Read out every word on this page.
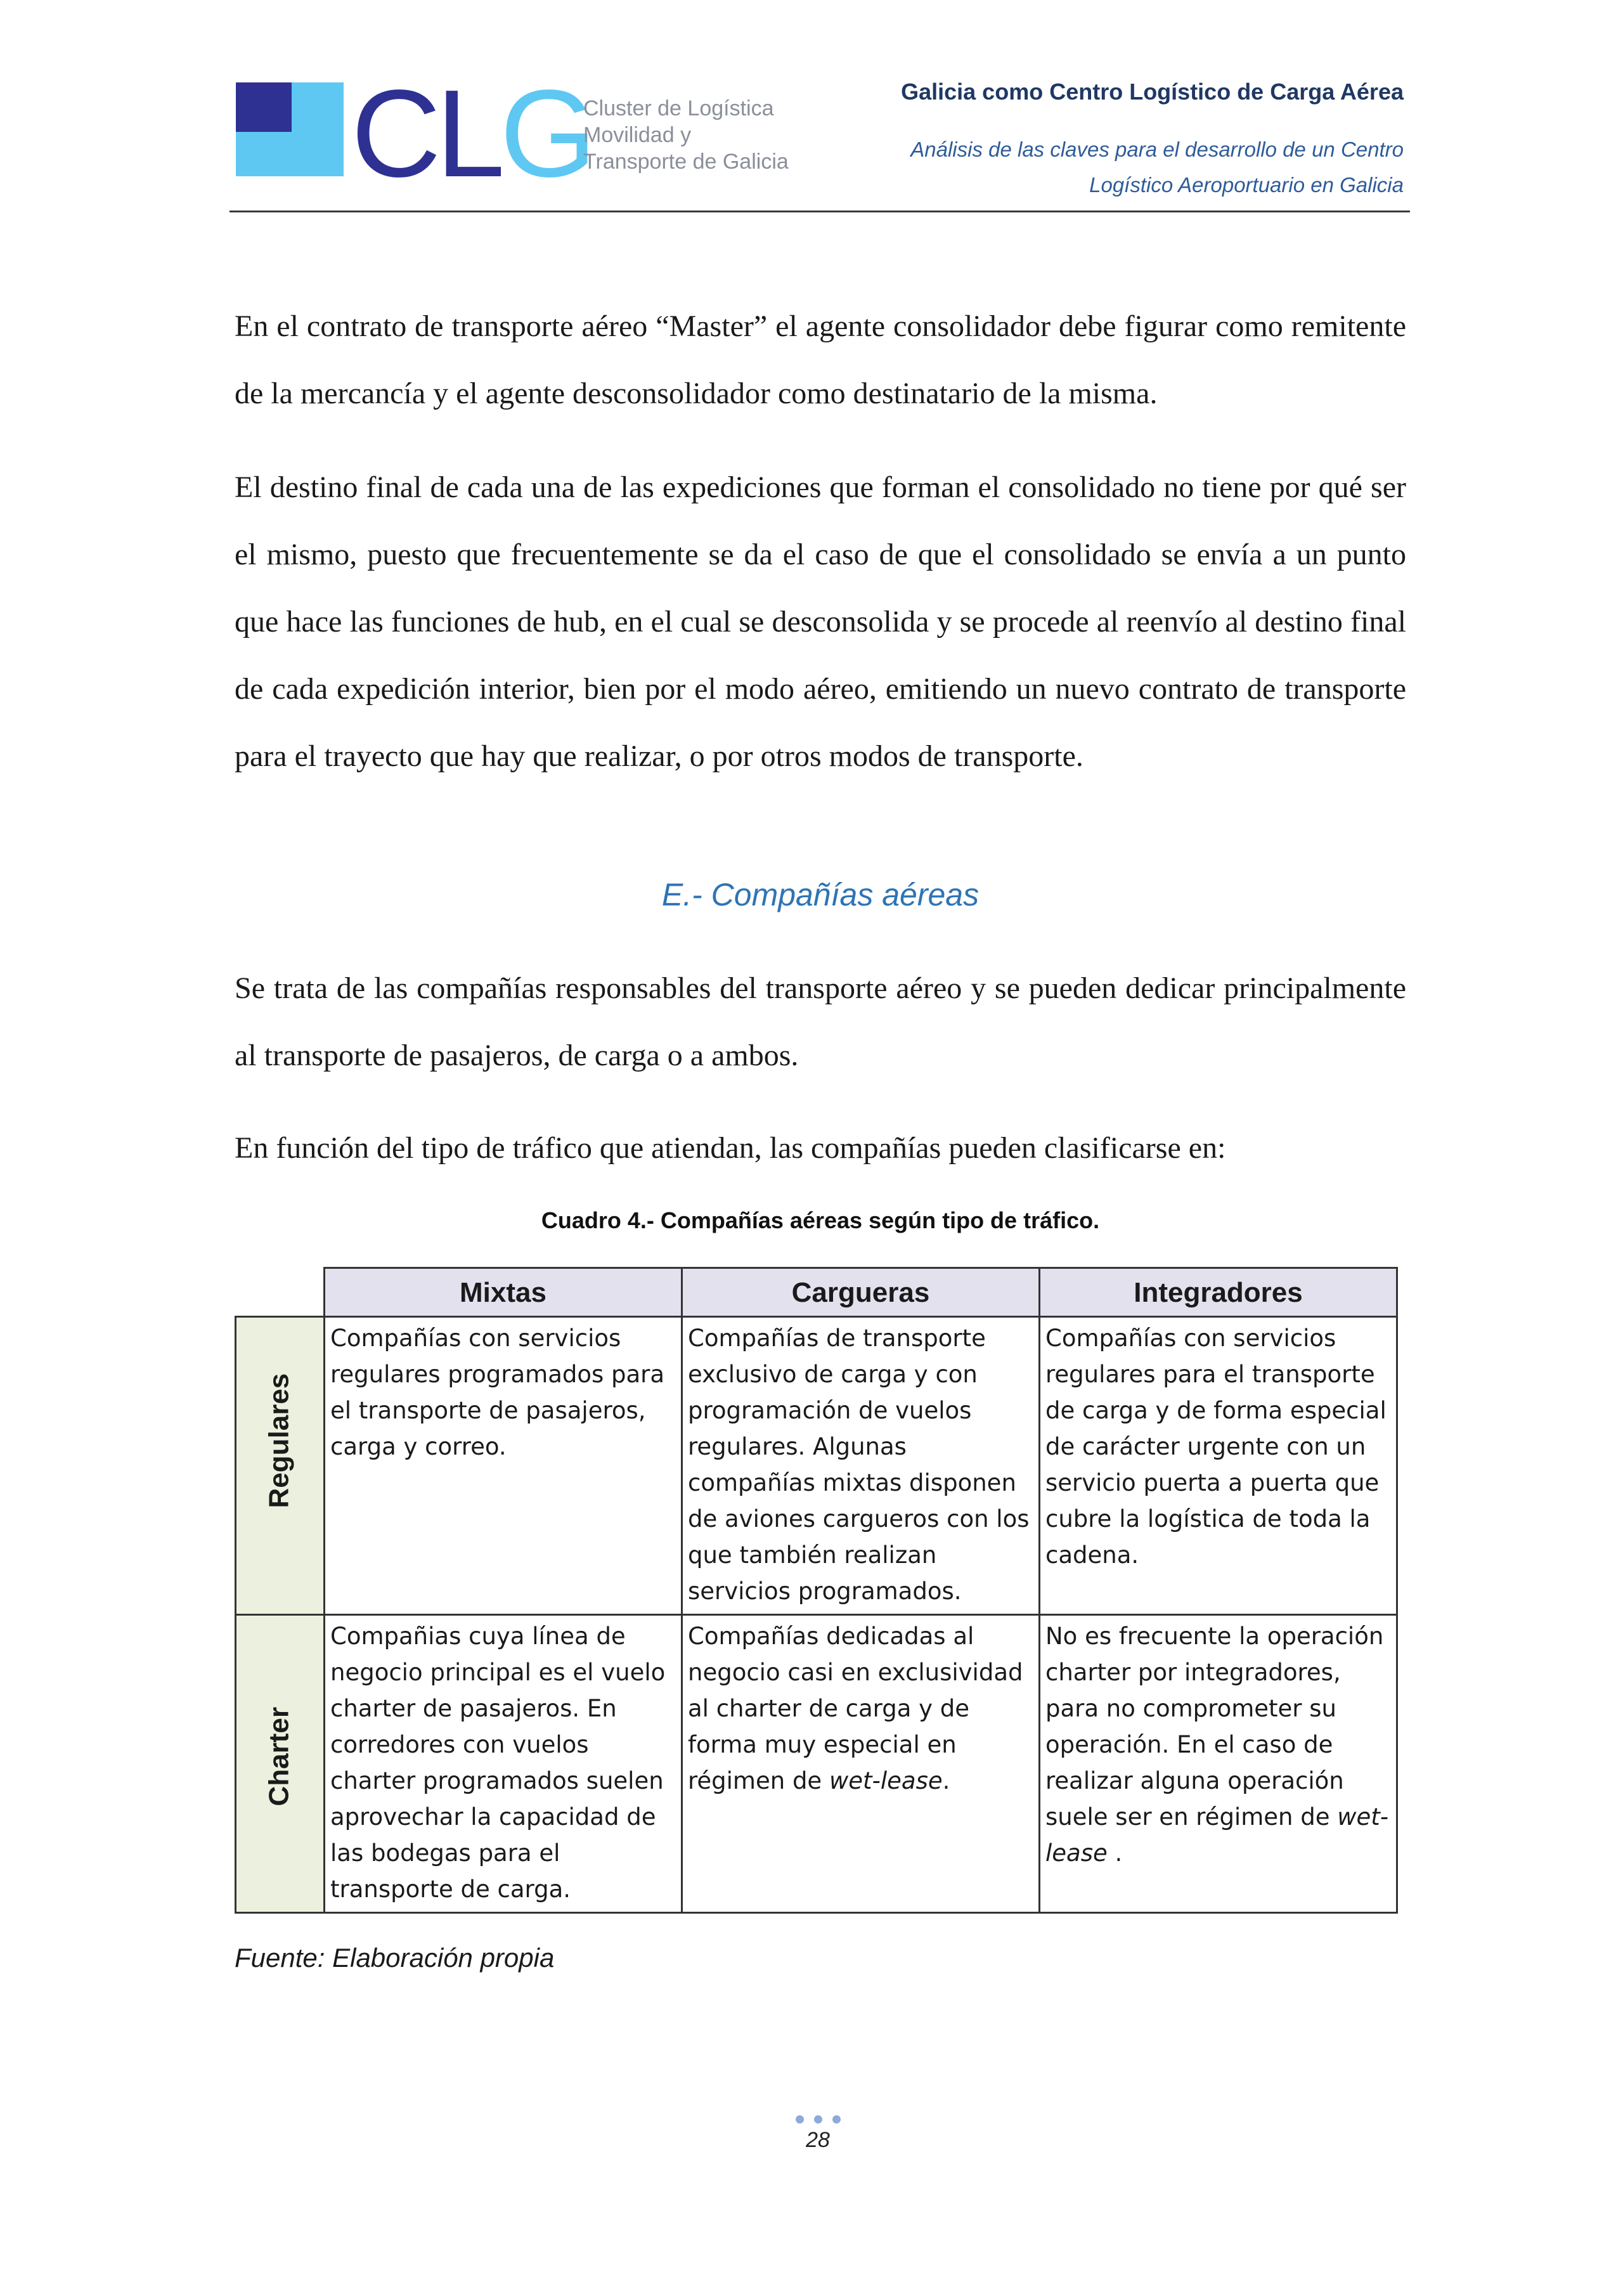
CLG
Cluster de Logística
Movilidad y
Transporte de Galicia
Galicia como Centro Logístico de Carga Aérea
Análisis de las claves para el desarrollo de un Centro
Logístico Aeroportuario en Galicia

En el contrato de transporte aéreo “Master” el agente consolidador debe figurar como remitente de la mercancía y el agente desconsolidador como destinatario de la misma.

El destino final de cada una de las expediciones que forman el consolidado no tiene por qué ser el mismo, puesto que frecuentemente se da el caso de que el consolidado se envía a un punto que hace las funciones de hub, en el cual se desconsolida y se procede al reenvío al destino final de cada expedición interior, bien por el modo aéreo, emitiendo un nuevo contrato de transporte para el trayecto que hay que realizar, o por otros modos de transporte.

E.- Compañías aéreas

Se trata de las compañías responsables del transporte aéreo y se pueden dedicar principalmente al transporte de pasajeros, de carga o a ambos.

En función del tipo de tráfico que atiendan, las compañías pueden clasificarse en:

Cuadro 4.- Compañías aéreas según tipo de tráfico.
	Mixtas	Cargueras	Integradores

Regulares	Compañías con servicios regulares programados para el transporte de pasajeros, carga y correo.	Compañías de transporte exclusivo de carga y con programación de vuelos regulares. Algunas compañías mixtas disponen de aviones cargueros con los que también realizan servicios programados.	Compañías con servicios regulares para el transporte de carga y de forma especial de carácter urgente con un servicio puerta a puerta que cubre la logística de toda la cadena.

Charter	Compañias cuya línea de negocio principal es el vuelo charter de pasajeros. En corredores con vuelos charter programados suelen aprovechar la capacidad de las bodegas para el transporte de carga.	Compañías dedicadas al negocio casi en exclusividad al charter de carga y de forma muy especial en régimen de wet-lease.	No es frecuente la operación charter por integradores, para no comprometer su operación. En el caso de realizar alguna operación suele ser en régimen de wet-lease .
Fuente: Elaboración propia
28
